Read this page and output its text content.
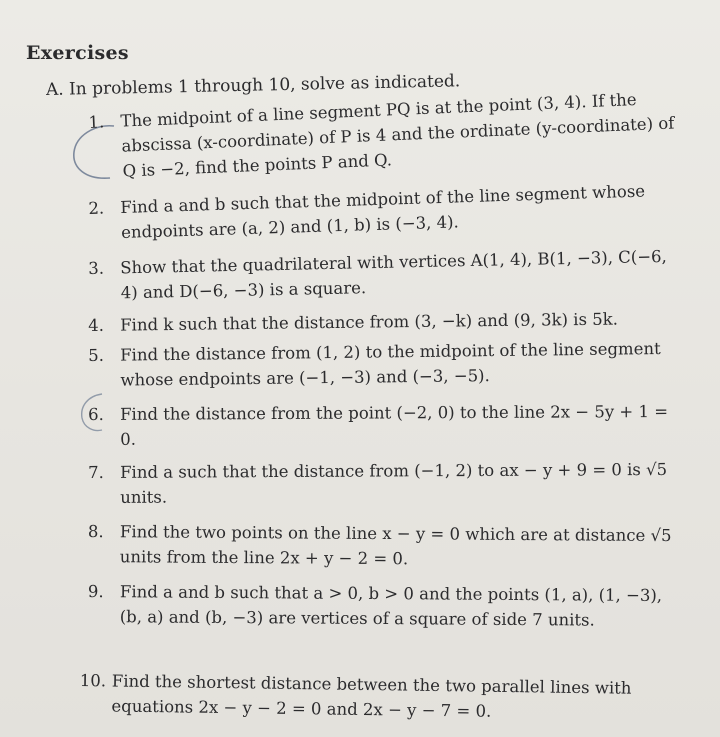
Exercises
A. In problems 1 through 10, solve as indicated.
1. The midpoint of a line segment PQ is at the point (3, 4). If the abscissa (x-coordinate) of P is 4 and the ordinate (y-coordinate) of Q is −2, find the points P and Q.
2. Find a and b such that the midpoint of the line segment whose endpoints are (a, 2) and (1, b) is (−3, 4).
3. Show that the quadrilateral with vertices A(1, 4), B(1, −3), C(−6, 4) and D(−6, −3) is a square.
4. Find k such that the distance from (3, −k) and (9, 3k) is 5k.
5. Find the distance from (1, 2) to the midpoint of the line segment whose endpoints are (−1, −3) and (−3, −5).
6. Find the distance from the point (−2, 0) to the line 2x − 5y + 1 = 0.
7. Find a such that the distance from (−1, 2) to ax − y + 9 = 0 is √5 units.
8. Find the two points on the line x − y = 0 which are at distance √5 units from the line 2x + y − 2 = 0.
9. Find a and b such that a > 0, b > 0 and the points (1, a), (1, −3), (b, a) and (b, −3) are vertices of a square of side 7 units.
10. Find the shortest distance between the two parallel lines with equations 2x − y − 2 = 0 and 2x − y − 7 = 0.
